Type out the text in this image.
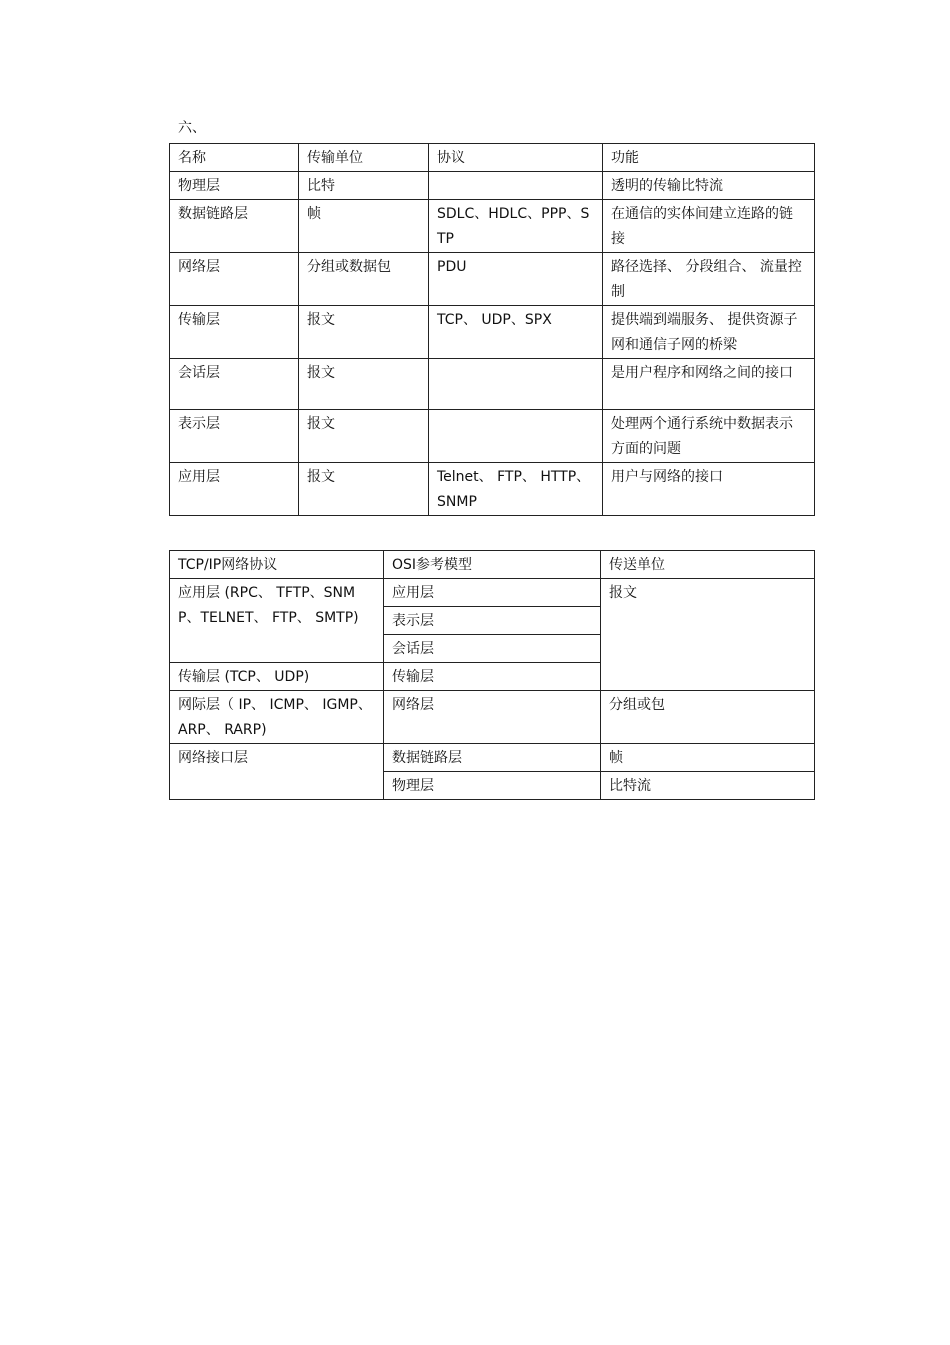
六、
名称	传输单位	协议	功能
物理层	比特		透明的传输比特流
数据链路层	帧	SDLC、HDLC、PPP、STP	在通信的实体间建立连路的链接
网络层	分组或数据包	PDU	路径选择、 分段组合、 流量控制
传输层	报文	TCP、 UDP、SPX	提供端到端服务、 提供资源子网和通信子网的桥梁
会话层	报文		是用户程序和网络之间的接口
表示层	报文		处理两个通行系统中数据表示方面的问题
应用层	报文	Telnet、 FTP、 HTTP、SNMP	用户与网络的接口
TCP/IP网络协议	OSI参考模型	传送单位
应用层 (RPC、 TFTP、SNMP、TELNET、 FTP、 SMTP)	应用层	报文
	表示层	
	会话层	
传输层 (TCP、 UDP)	传输层	
网际层（ IP、 ICMP、 IGMP、ARP、 RARP)	网络层	分组或包
网络接口层	数据链路层	帧
	物理层	比特流
